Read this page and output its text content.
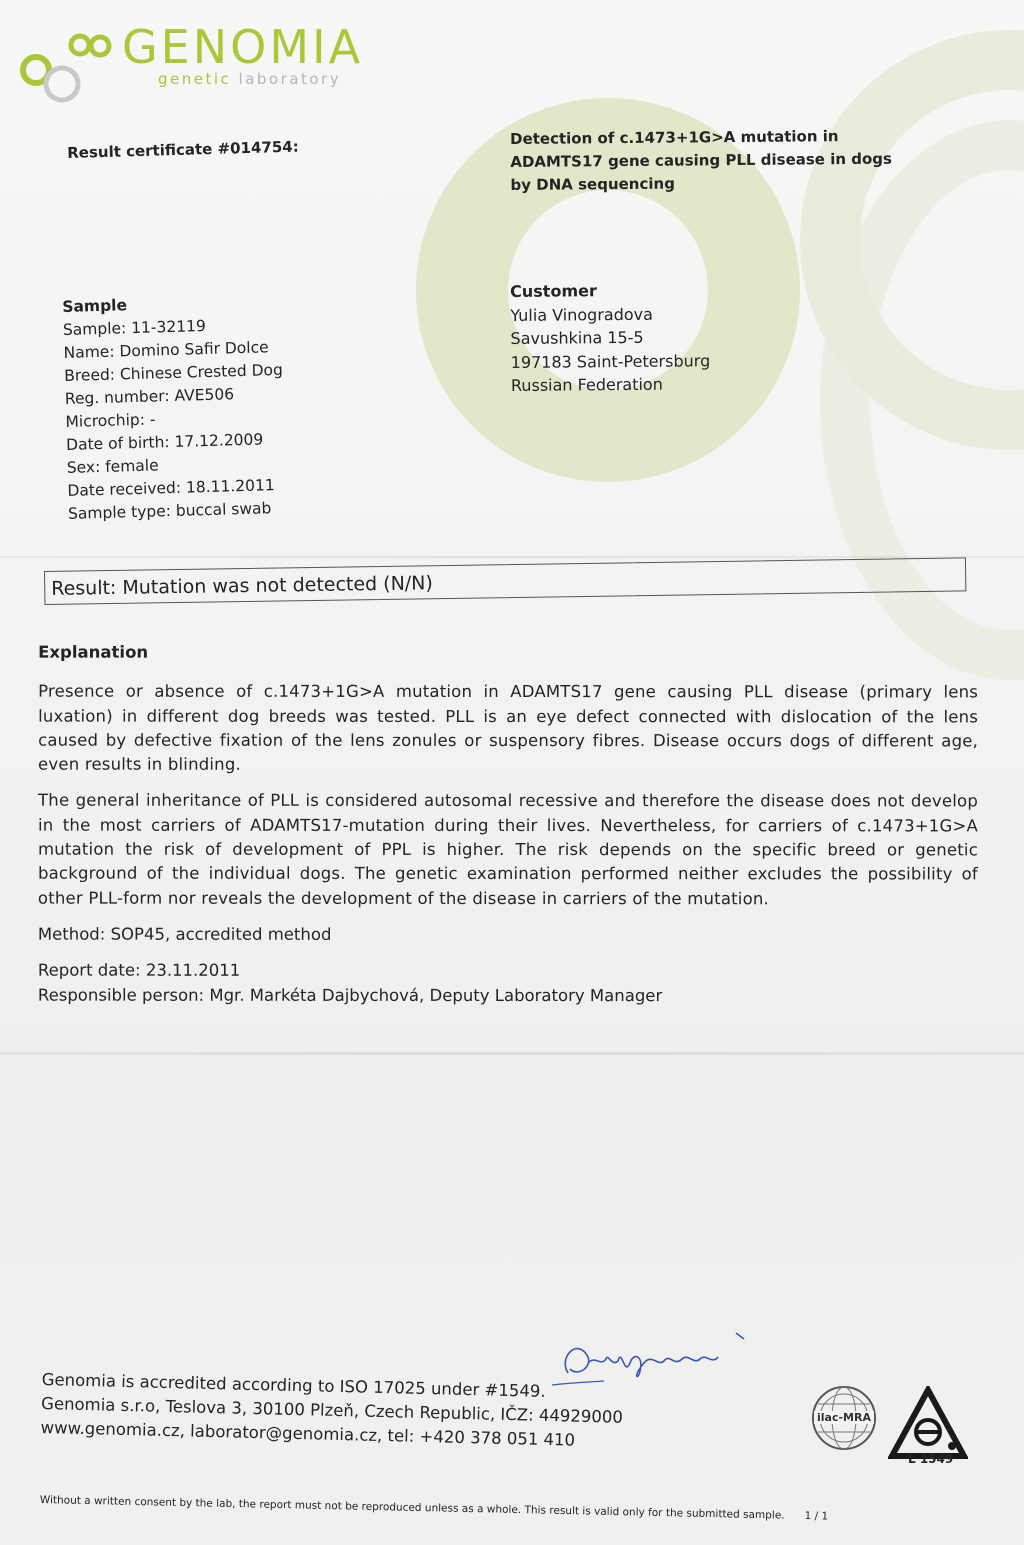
GENOMIA
genetic laboratory
Result certificate #014754:	Detection of c.1473+1G>A mutation in
ADAMTS17 gene causing PLL disease in dogs
by DNA sequencing
Customer
Yulia Vinogradova
Savushkina 15-5
197183 Saint-Petersburg
Russian Federation
Sample
Sample: 11-32119
Name: Domino Safir Dolce
Breed: Chinese Crested Dog
Reg. number: AVE506
Microchip: -
Date of birth: 17.12.2009
Sex: female
Date received: 18.11.2011
Sample type: buccal swab
Result: Mutation was not detected (N/N)
Explanation

Presence or absence of c.1473+1G>A mutation in ADAMTS17 gene causing PLL disease (primary lens luxation) in different dog breeds was tested. PLL is an eye defect connected with dislocation of the lens caused by defective fixation of the lens zonules or suspensory fibres. Disease occurs dogs of different age, even results in blinding.

The general inheritance of PLL is considered autosomal recessive and therefore the disease does not develop in the most carriers of ADAMTS17-mutation during their lives. Nevertheless, for carriers of c.1473+1G>A mutation the risk of development of PPL is higher. The risk depends on the specific breed or genetic background of the individual dogs. The genetic examination performed neither excludes the possibility of other PLL-form nor reveals the development of the disease in carriers of the mutation.

Method: SOP45, accredited method
Report date: 23.11.2011
Responsible person: Mgr. Markéta Dajbychová, Deputy Laboratory Manager
Genomia is accredited according to ISO 17025 under #1549.
Genomia s.r.o, Teslova 3, 30100 Plzeň, Czech Republic, IČZ: 44929000
www.genomia.cz, laborator@genomia.cz, tel: +420 378 051 410
ilac-MRA
L 1549
Without a written consent by the lab, the report must not be reproduced unless as a whole. This result is valid only for the submitted sample. 1 / 1
